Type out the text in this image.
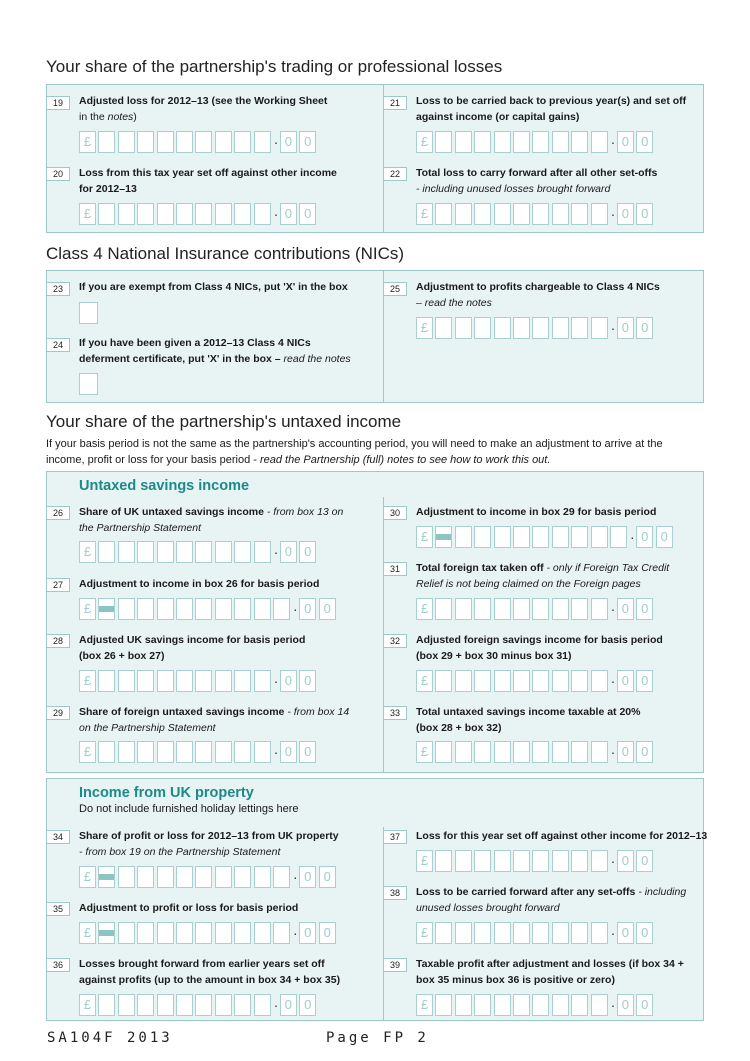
Your share of the partnership's trading or professional losses
19	Adjusted loss for 2012–13 (see the Working Sheet
in the notes)
£	· 0 0
20	Loss from this tax year set off against other income
for 2012–13
£	· 0 0
21	Loss to be carried back to previous year(s) and set off
against income (or capital gains)
£	· 0 0
22	Total loss to carry forward after all other set-offs
- including unused losses brought forward
£	· 0 0
Class 4 National Insurance contributions (NICs)
23	If you are exempt from Class 4 NICs, put 'X' in the box
24	If you have been given a 2012–13 Class 4 NICs
deferment certificate, put 'X' in the box – read the notes
25	Adjustment to profits chargeable to Class 4 NICs
– read the notes
£	· 0 0
Your share of the partnership's untaxed income
If your basis period is not the same as the partnership's accounting period, you will need to make an adjustment to arrive at the
income, profit or loss for your basis period - read the Partnership (full) notes to see how to work this out.
Untaxed savings income
26	Share of UK untaxed savings income - from box 13 on
the Partnership Statement
£	· 0 0
27	Adjustment to income in box 26 for basis period
£	· 0 0
28	Adjusted UK savings income for basis period
(box 26 + box 27)
£	· 0 0
29	Share of foreign untaxed savings income - from box 14
on the Partnership Statement
£	· 0 0
30	Adjustment to income in box 29 for basis period
£	· 0 0
31	Total foreign tax taken off - only if Foreign Tax Credit
Relief is not being claimed on the Foreign pages
£	· 0 0
32	Adjusted foreign savings income for basis period
(box 29 + box 30 minus box 31)
£	· 0 0
33	Total untaxed savings income taxable at 20%
(box 28 + box 32)
£	· 0 0
Income from UK property
Do not include furnished holiday lettings here
34	Share of profit or loss for 2012–13 from UK property
- from box 19 on the Partnership Statement
£	· 0 0
35	Adjustment to profit or loss for basis period
£	· 0 0
36	Losses brought forward from earlier years set off
against profits (up to the amount in box 34 + box 35)
£	· 0 0
37	Loss for this year set off against other income for 2012–13
£	· 0 0
38	Loss to be carried forward after any set-offs - including
unused losses brought forward
£	· 0 0
39	Taxable profit after adjustment and losses (if box 34 +
box 35 minus box 36 is positive or zero)
£	· 0 0
SA104F 2013	Page FP 2
